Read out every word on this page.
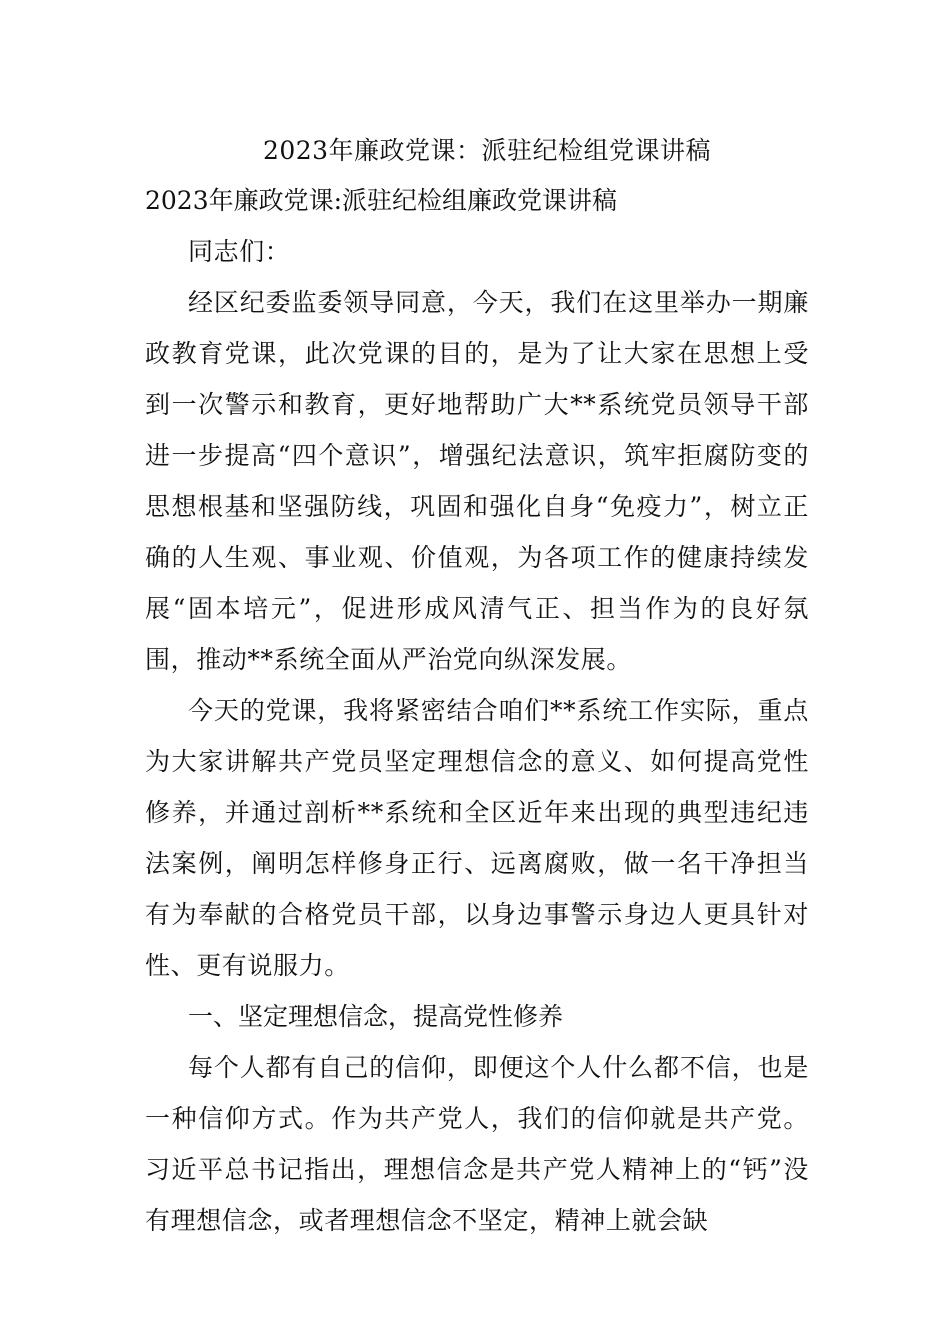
2023年廉政党课：派驻纪检组党课讲稿
2023年廉政党课:派驻纪检组廉政党课讲稿

同志们：

经区纪委监委领导同意，今天，我们在这里举办一期廉政教育党课，此次党课的目的，是为了让大家在思想上受到一次警示和教育，更好地帮助广大**系统党员领导干部进一步提高“四个意识”，增强纪法意识，筑牢拒腐防变的思想根基和坚强防线，巩固和强化自身“免疫力”，树立正确的人生观、事业观、价值观，为各项工作的健康持续发展“固本培元”，促进形成风清气正、担当作为的良好氛围，推动**系统全面从严治党向纵深发展。

今天的党课，我将紧密结合咱们**系统工作实际，重点为大家讲解共产党员坚定理想信念的意义、如何提高党性修养，并通过剖析**系统和全区近年来出现的典型违纪违法案例，阐明怎样修身正行、远离腐败，做一名干净担当有为奉献的合格党员干部，以身边事警示身边人更具针对性、更有说服力。

一、坚定理想信念，提高党性修养

每个人都有自己的信仰，即便这个人什么都不信，也是一种信仰方式。作为共产党人，我们的信仰就是共产党。习近平总书记指出，理想信念是共产党人精神上的“钙”没有理想信念，或者理想信念不坚定，精神上就会缺
